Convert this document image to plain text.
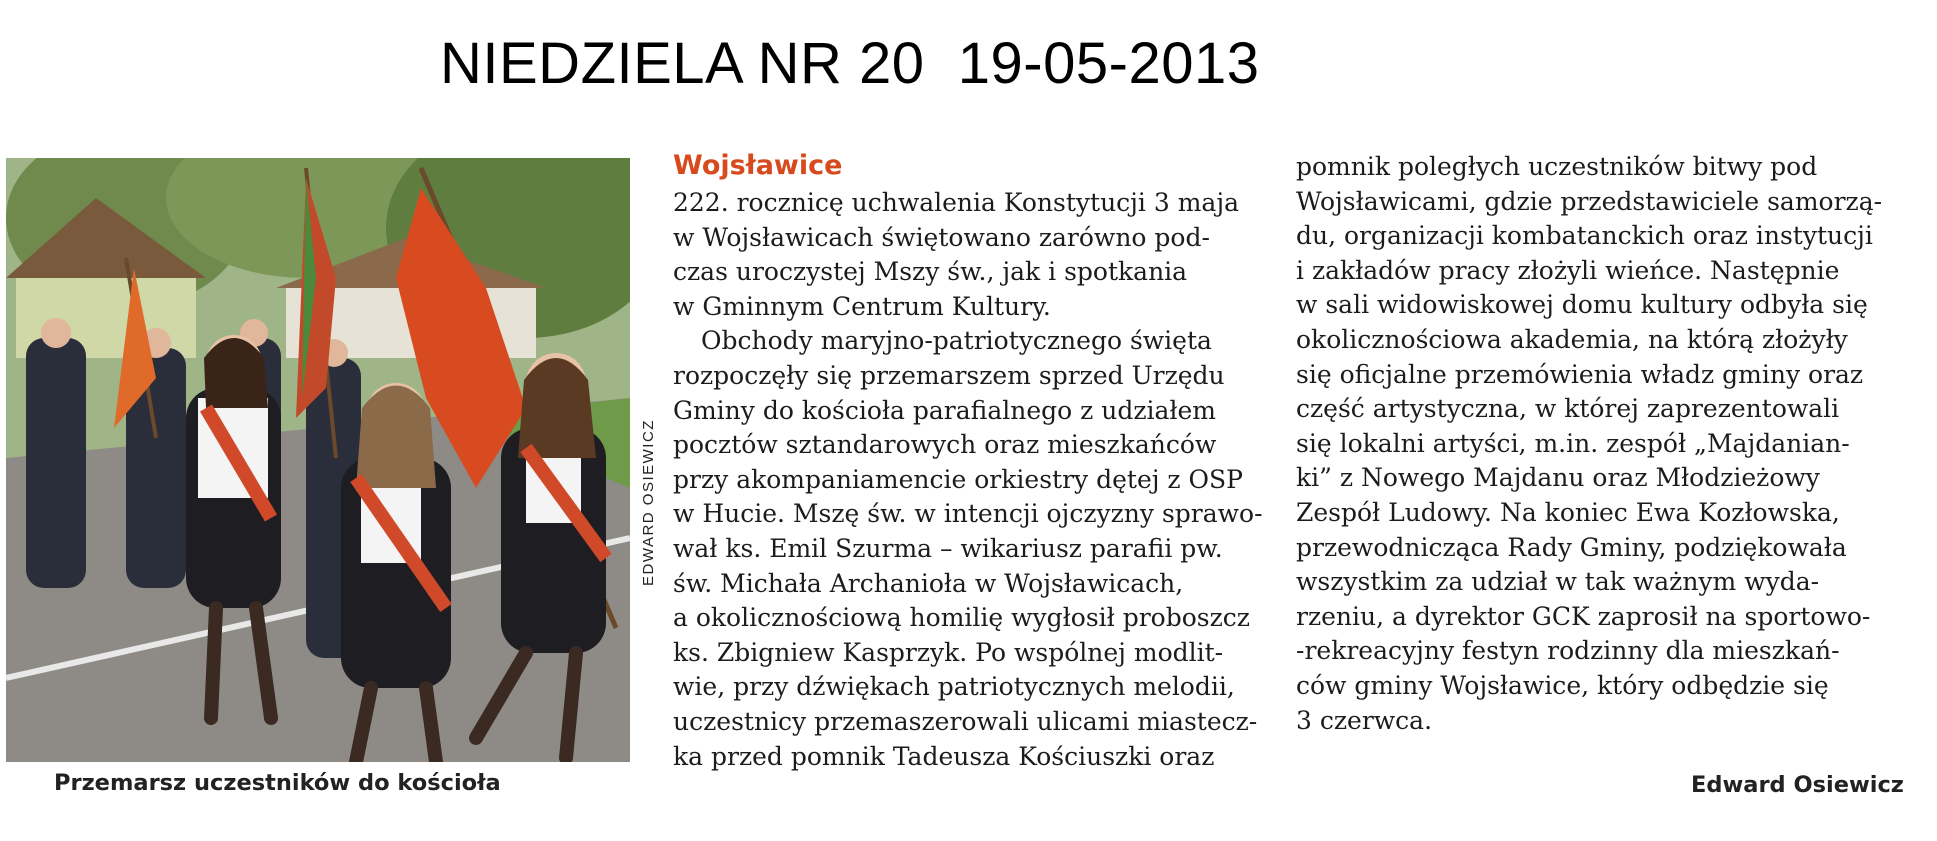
NIEDZIELA NR 20  19-05-2013
EDWARD OSIEWICZ
Przemarsz uczestników do kościoła
Wojsławice
222. rocznicę uchwalenia Konstytucji 3 maja
w Wojsławicach świętowano zarówno pod-
czas uroczystej Mszy św., jak i spotkania
w Gminnym Centrum Kultury.
Obchody maryjno-patriotycznego święta
rozpoczęły się przemarszem sprzed Urzędu
Gminy do kościoła parafialnego z udziałem
pocztów sztandarowych oraz mieszkańców
przy akompaniamencie orkiestry dętej z OSP
w Hucie. Mszę św. w intencji ojczyzny sprawo-
wał ks. Emil Szurma – wikariusz parafii pw.
św. Michała Archanioła w Wojsławicach,
a okolicznościową homilię wygłosił proboszcz
ks. Zbigniew Kasprzyk. Po wspólnej modlit-
wie, przy dźwiękach patriotycznych melodii,
uczestnicy przemaszerowali ulicami miastecz-
ka przed pomnik Tadeusza Kościuszki oraz
pomnik poległych uczestników bitwy pod
Wojsławicami, gdzie przedstawiciele samorzą-
du, organizacji kombatanckich oraz instytucji
i zakładów pracy złożyli wieńce. Następnie
w sali widowiskowej domu kultury odbyła się
okolicznościowa akademia, na którą złożyły
się oficjalne przemówienia władz gminy oraz
część artystyczna, w której zaprezentowali
się lokalni artyści, m.in. zespół „Majdanian-
ki” z Nowego Majdanu oraz Młodzieżowy
Zespół Ludowy. Na koniec Ewa Kozłowska,
przewodnicząca Rady Gminy, podziękowała
wszystkim za udział w tak ważnym wyda-
rzeniu, a dyrektor GCK zaprosił na sportowo-
-rekreacyjny festyn rodzinny dla mieszkań-
ców gminy Wojsławice, który odbędzie się
3 czerwca.
Edward Osiewicz
